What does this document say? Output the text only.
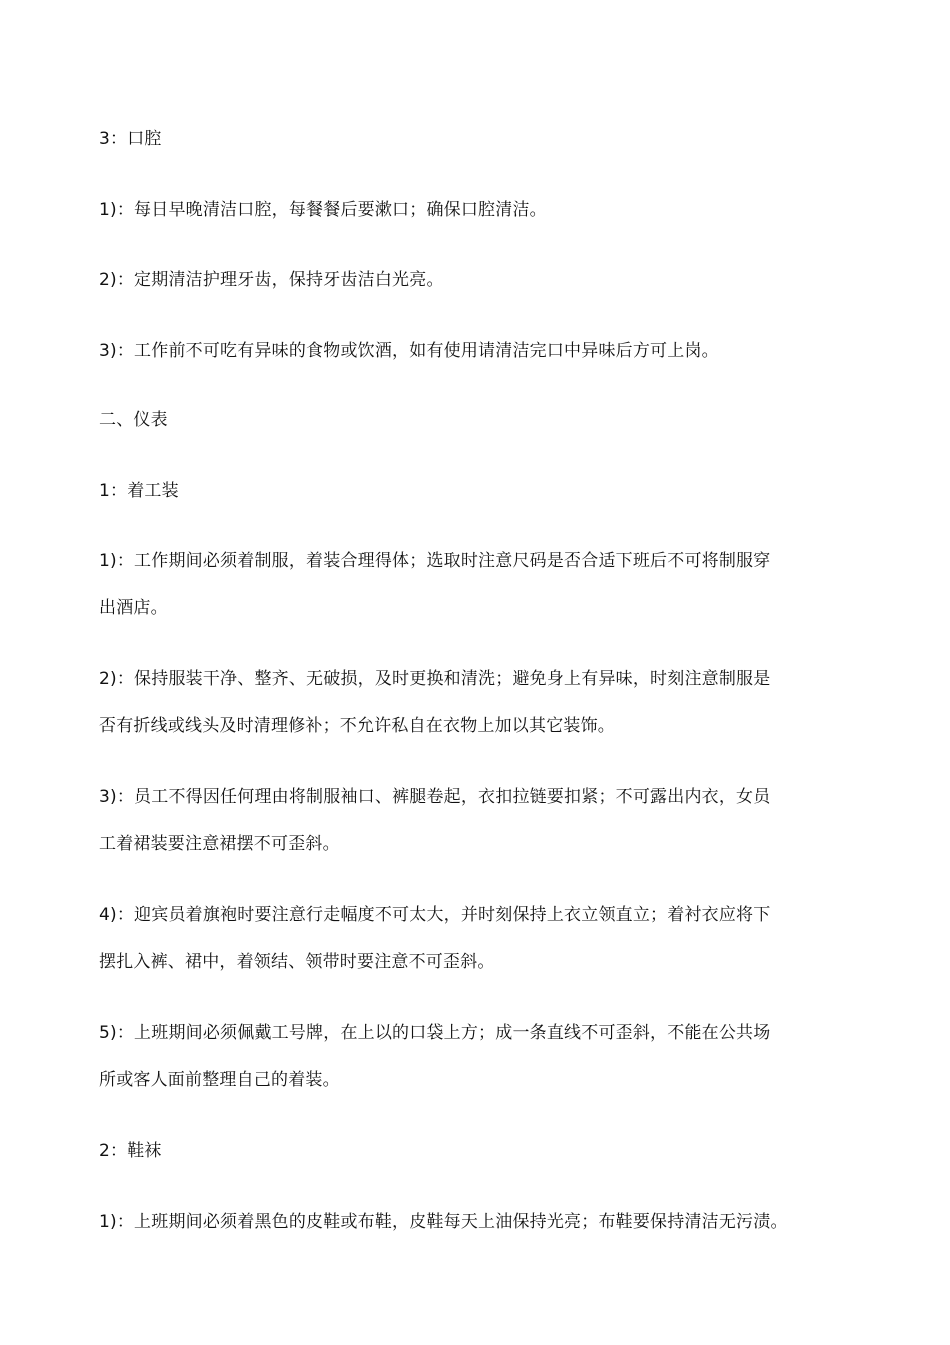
3：口腔
1)：每日早晚清洁口腔，每餐餐后要漱口；确保口腔清洁。
2)：定期清洁护理牙齿，保持牙齿洁白光亮。
3)：工作前不可吃有异味的食物或饮酒，如有使用请清洁完口中异味后方可上岗。
二、仪表
1：着工装
1)：工作期间必须着制服，着装合理得体；选取时注意尺码是否合适下班后不可将制服穿
出酒店。
2)：保持服装干净、整齐、无破损，及时更换和清洗；避免身上有异味，时刻注意制服是
否有折线或线头及时清理修补；不允许私自在衣物上加以其它装饰。
3)：员工不得因任何理由将制服袖口、裤腿卷起，衣扣拉链要扣紧；不可露出内衣，女员
工着裙装要注意裙摆不可歪斜。
4)：迎宾员着旗袍时要注意行走幅度不可太大，并时刻保持上衣立领直立；着衬衣应将下
摆扎入裤、裙中，着领结、领带时要注意不可歪斜。
5)：上班期间必须佩戴工号牌，在上以的口袋上方；成一条直线不可歪斜，不能在公共场
所或客人面前整理自己的着装。
2：鞋袜
1)：上班期间必须着黑色的皮鞋或布鞋，皮鞋每天上油保持光亮；布鞋要保持清洁无污渍。
